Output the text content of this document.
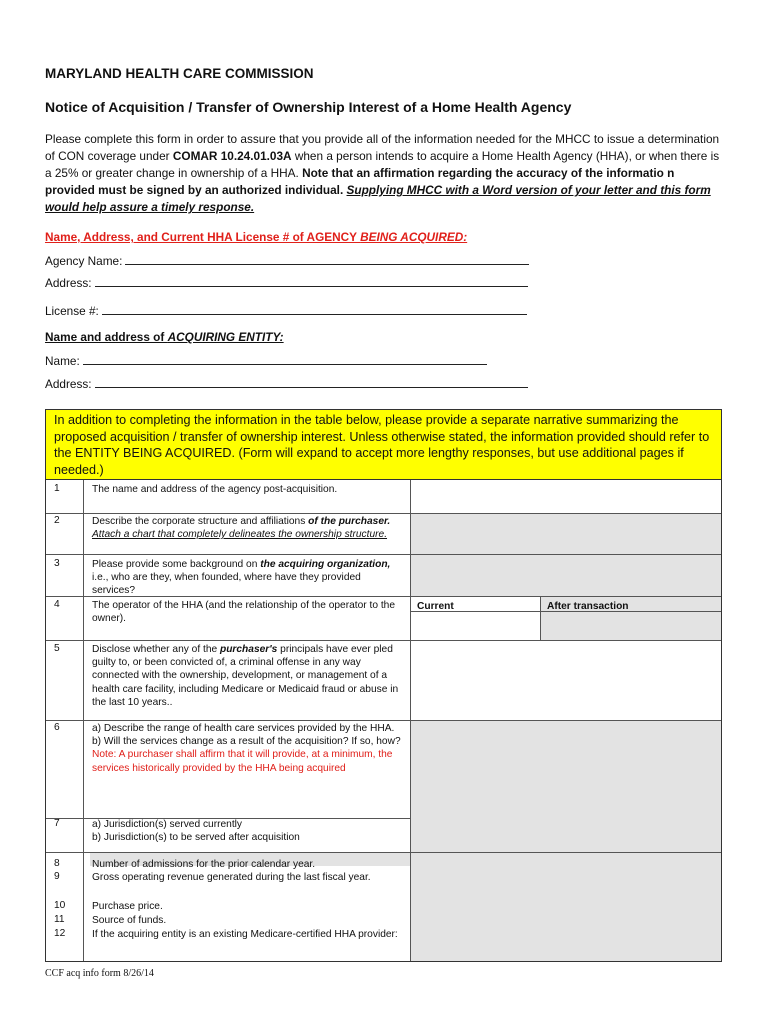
MARYLAND HEALTH CARE COMMISSION
Notice of Acquisition / Transfer of Ownership Interest of a Home Health Agency
Please complete this form in order to assure that you provide all of the information needed for the MHCC to issue a determination of CON coverage under COMAR 10.24.01.03A when a person intends to acquire a Home Health Agency (HHA), or when there is a 25% or greater change in ownership of a HHA. Note that an affirmation regarding the accuracy of the informatio n provided must be signed by an authorized individual. Supplying MHCC with a Word version of your letter and this form would help assure a timely response.
Name, Address, and Current HHA License # of AGENCY BEING ACQUIRED:
Agency Name:
Address:
License #:
Name and address of ACQUIRING ENTITY:
Name:
Address:
In addition to completing the information in the table below, please provide a separate narrative summarizing the proposed acquisition / transfer of ownership interest. Unless otherwise stated, the information provided should refer to the ENTITY BEING ACQUIRED. (Form will expand to accept more lengthy responses, but use additional pages if needed.)
1
2
3
4
5
6
7
8
9
10
11
12
The name and address of the agency post-acquisition.
Describe the corporate structure and affiliations of the purchaser. Attach a chart that completely delineates the ownership structure.
Please provide some background on the acquiring organization, i.e., who are they, when founded, where have they provided services?
The operator of the HHA (and the relationship of the operator to the owner).
Current	After transaction
Disclose whether any of the purchaser's principals have ever pled guilty to, or been convicted of, a criminal offense in any way connected with the ownership, development, or management of a health care facility, including Medicare or Medicaid fraud or abuse in the last 10 years..
a) Describe the range of health care services provided by the HHA.
b) Will the services change as a result of the acquisition? If so, how?
Note: A purchaser shall affirm that it will provide, at a minimum, the services historically provided by the HHA being acquired
a) Jurisdiction(s) served currently
b) Jurisdiction(s) to be served after acquisition
Number of admissions for the prior calendar year.
Gross operating revenue generated during the last fiscal year.
Purchase price.
Source of funds.
If the acquiring entity is an existing Medicare-certified HHA provider:
CCF acq info form 8/26/14
